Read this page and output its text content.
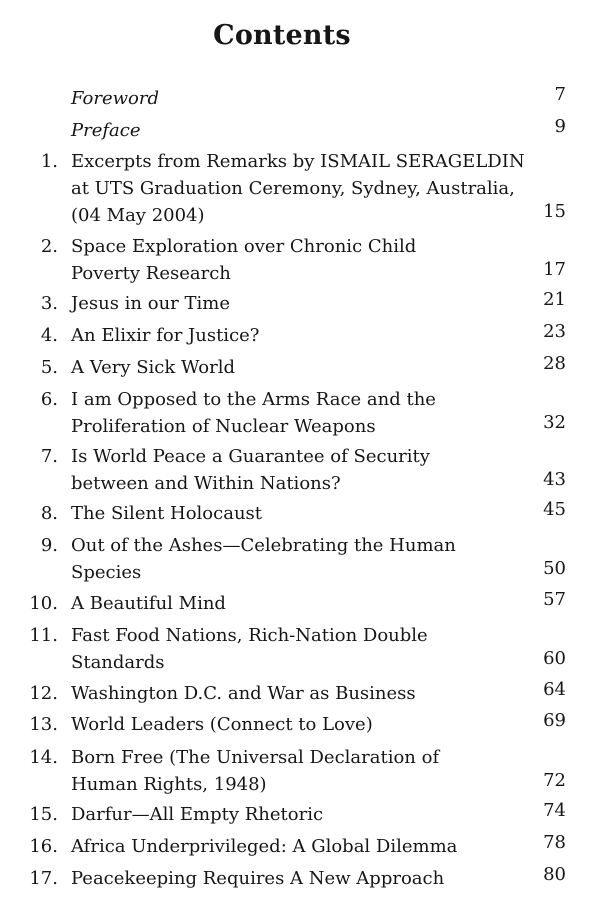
Contents
Foreword	7
Preface	9
1. Excerpts from Remarks by ISMAIL SERAGELDIN
at UTS Graduation Ceremony, Sydney, Australia,
(04 May 2004)	15
2. Space Exploration over Chronic Child
Poverty Research	17
3. Jesus in our Time	21
4. An Elixir for Justice?	23
5. A Very Sick World	28
6. I am Opposed to the Arms Race and the
Proliferation of Nuclear Weapons	32
7. Is World Peace a Guarantee of Security
between and Within Nations?	43
8. The Silent Holocaust	45
9. Out of the Ashes—Celebrating the Human
Species	50
10. A Beautiful Mind	57
11. Fast Food Nations, Rich-Nation Double
Standards	60
12. Washington D.C. and War as Business	64
13. World Leaders (Connect to Love)	69
14. Born Free (The Universal Declaration of
Human Rights, 1948)	72
15. Darfur—All Empty Rhetoric	74
16. Africa Underprivileged: A Global Dilemma	78
17. Peacekeeping Requires A New Approach	80
